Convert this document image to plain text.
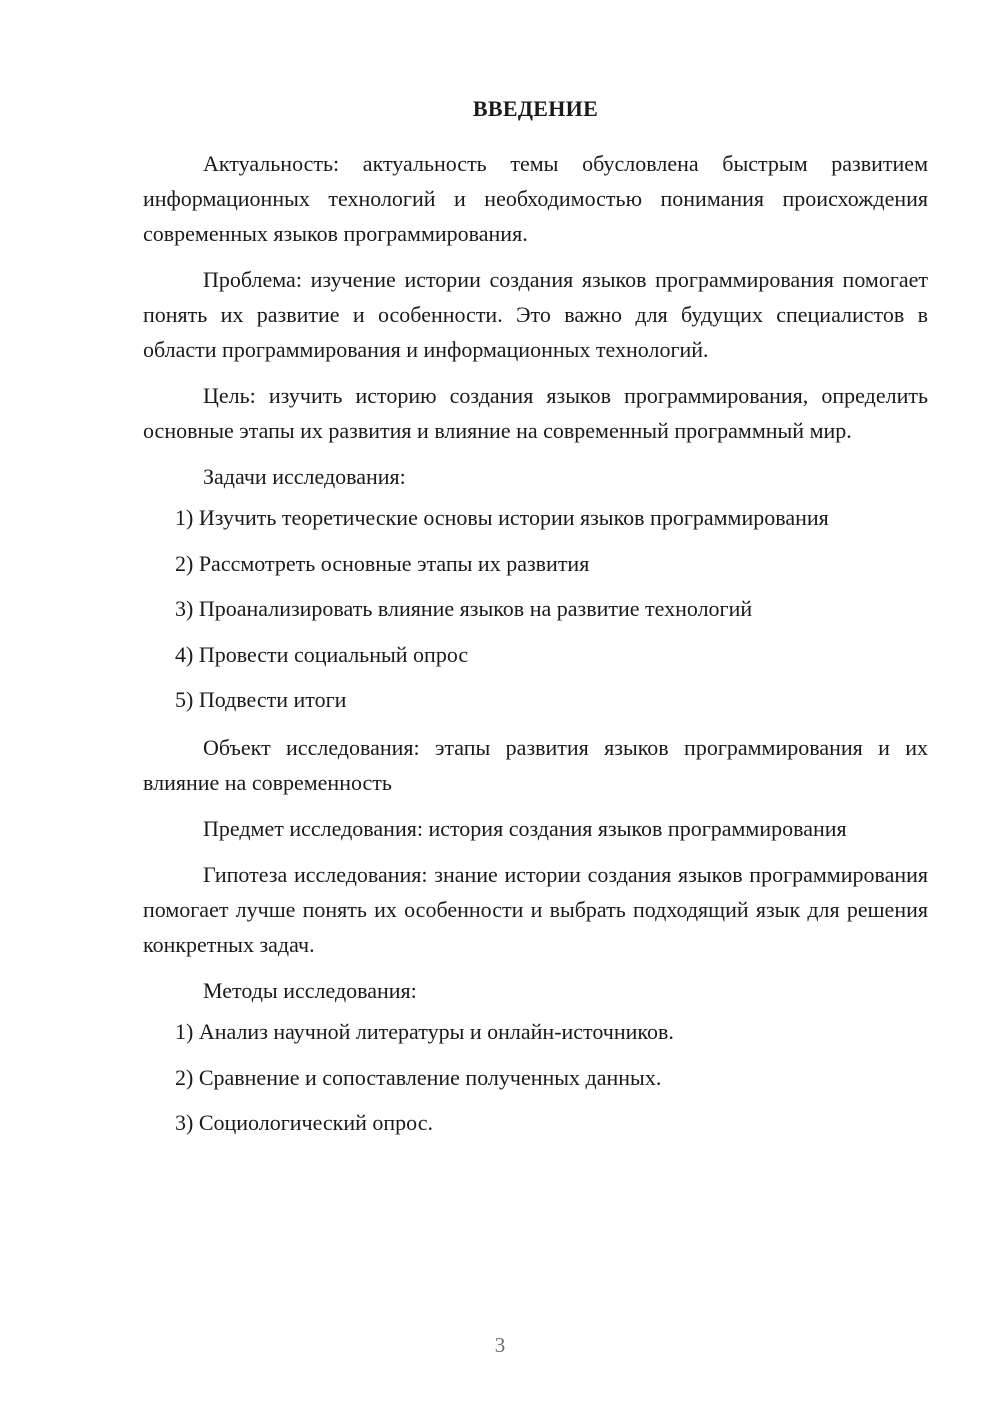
ВВЕДЕНИЕ

Актуальность: актуальность темы обусловлена быстрым развитием информационных технологий и необходимостью понимания происхождения современных языков программирования.

Проблема: изучение истории создания языков программирования помогает понять их развитие и особенности. Это важно для будущих специалистов в области программирования и информационных технологий.

Цель: изучить историю создания языков программирования, определить основные этапы их развития и влияние на современный программный мир.

Задачи исследования:

1) Изучить теоретические основы истории языков программирования
2) Рассмотреть основные этапы их развития
3) Проанализировать влияние языков на развитие технологий
4) Провести социальный опрос
5) Подвести итоги

Объект исследования: этапы развития языков программирования и их влияние на современность

Предмет исследования: история создания языков программирования

Гипотеза исследования: знание истории создания языков программирования помогает лучше понять их особенности и выбрать подходящий язык для решения конкретных задач.

Методы исследования:

1) Анализ научной литературы и онлайн-источников.
2) Сравнение и сопоставление полученных данных.
3) Социологический опрос.
3
